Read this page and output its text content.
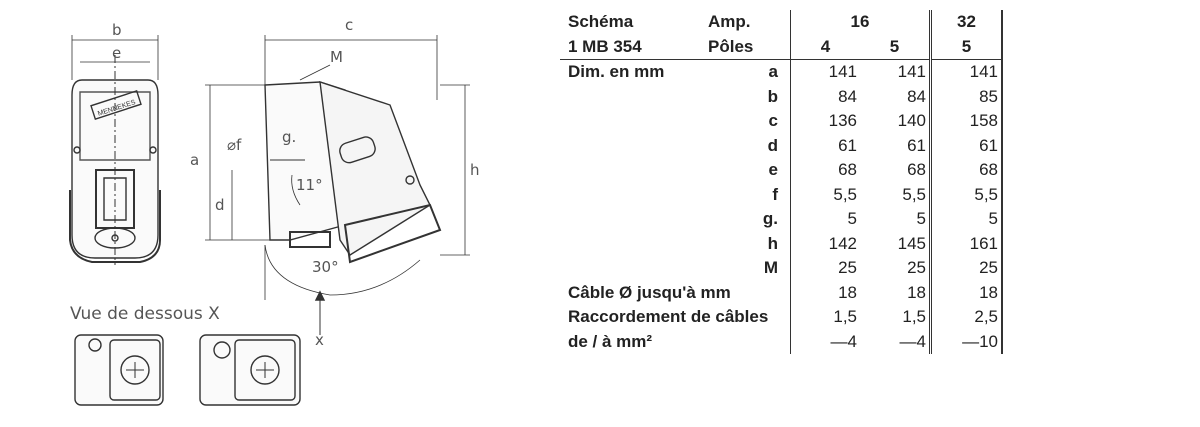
MENNEKES
b
e
c
M
a
d
h
⌀f	g.
11°
30°
x
Vue de dessous X
Schéma	Amp.	16		32
1 MB 354	Pôles	4	5	5
Dim. en mm	a	141	141	141
	b	84	84	85
	c	136	140	158
	d	61	61	61
	e	68	68	68
	f	5,5	5,5	5,5
	g.	5	5	5
	h	142	145	161
	M	25	25	25
Câble Ø jusqu'à mm		18	18	18
Raccordement de câbles		1,5	1,5	2,5
de / à mm²		—4	—4	—10
